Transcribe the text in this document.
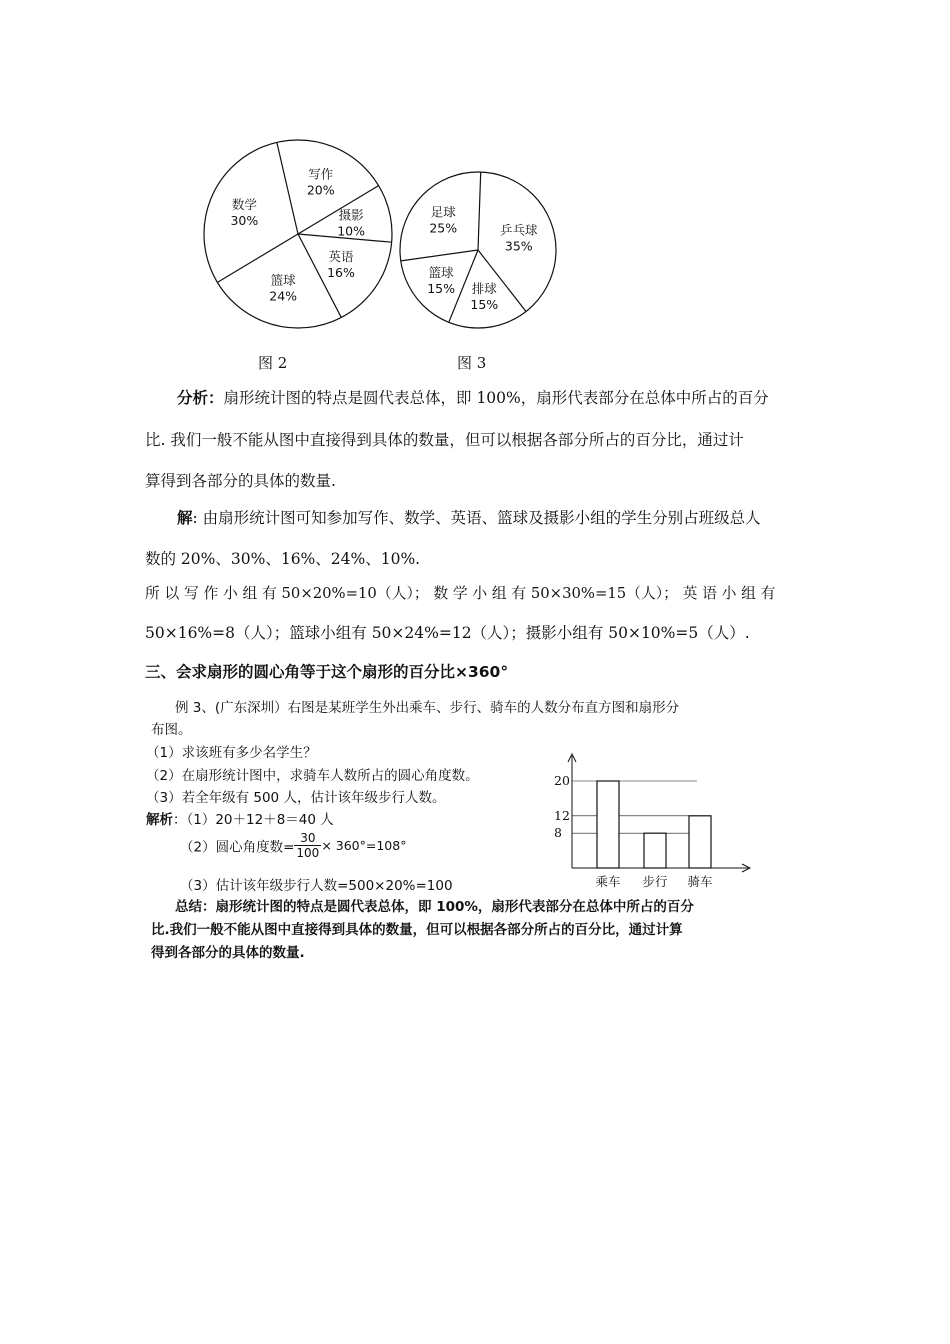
写作
20%
摄影
10%
英语
16%
篮球
24%
数学
30%
乒乓球
35%
排球
15%
篮球
15%
足球
25%
图 2	图 3
分析：扇形统计图的特点是圆代表总体，即 100%，扇形代表部分在总体中所占的百分
比. 我们一般不能从图中直接得到具体的数量，但可以根据各部分所占的百分比，通过计
算得到各部分的具体的数量.
解: 由扇形统计图可知参加写作、数学、英语、篮球及摄影小组的学生分别占班级总人
数的 20%、30%、16%、24%、10%.
所 以 写 作 小 组 有 50×20%=10（人）； 数 学 小 组 有 50×30%=15（人）； 英 语 小 组 有
50×16%=8（人）；篮球小组有 50×24%=12（人）；摄影小组有 50×10%=5（人）.
三、会求扇形的圆心角等于这个扇形的百分比×360°
例 3、(广东深圳）右图是某班学生外出乘车、步行、骑车的人数分布直方图和扇形分
布图。
（1）求该班有多少名学生？
（2）在扇形统计图中，求骑车人数所占的圆心角度数。
（3）若全年级有 500 人，估计该年级步行人数。
解析：（1）20＋12＋8＝40 人
（2）圆心角度数= $\frac{30}{100} \times 360^\circ=108^\circ$
（3）估计该年级步行人数=500×20%=100
总结：扇形统计图的特点是圆代表总体，即 100%，扇形代表部分在总体中所占的百分
比.我们一般不能从图中直接得到具体的数量，但可以根据各部分所占的百分比，通过计算
得到各部分的具体的数量.
20
12
8
乘车 步行 骑车
